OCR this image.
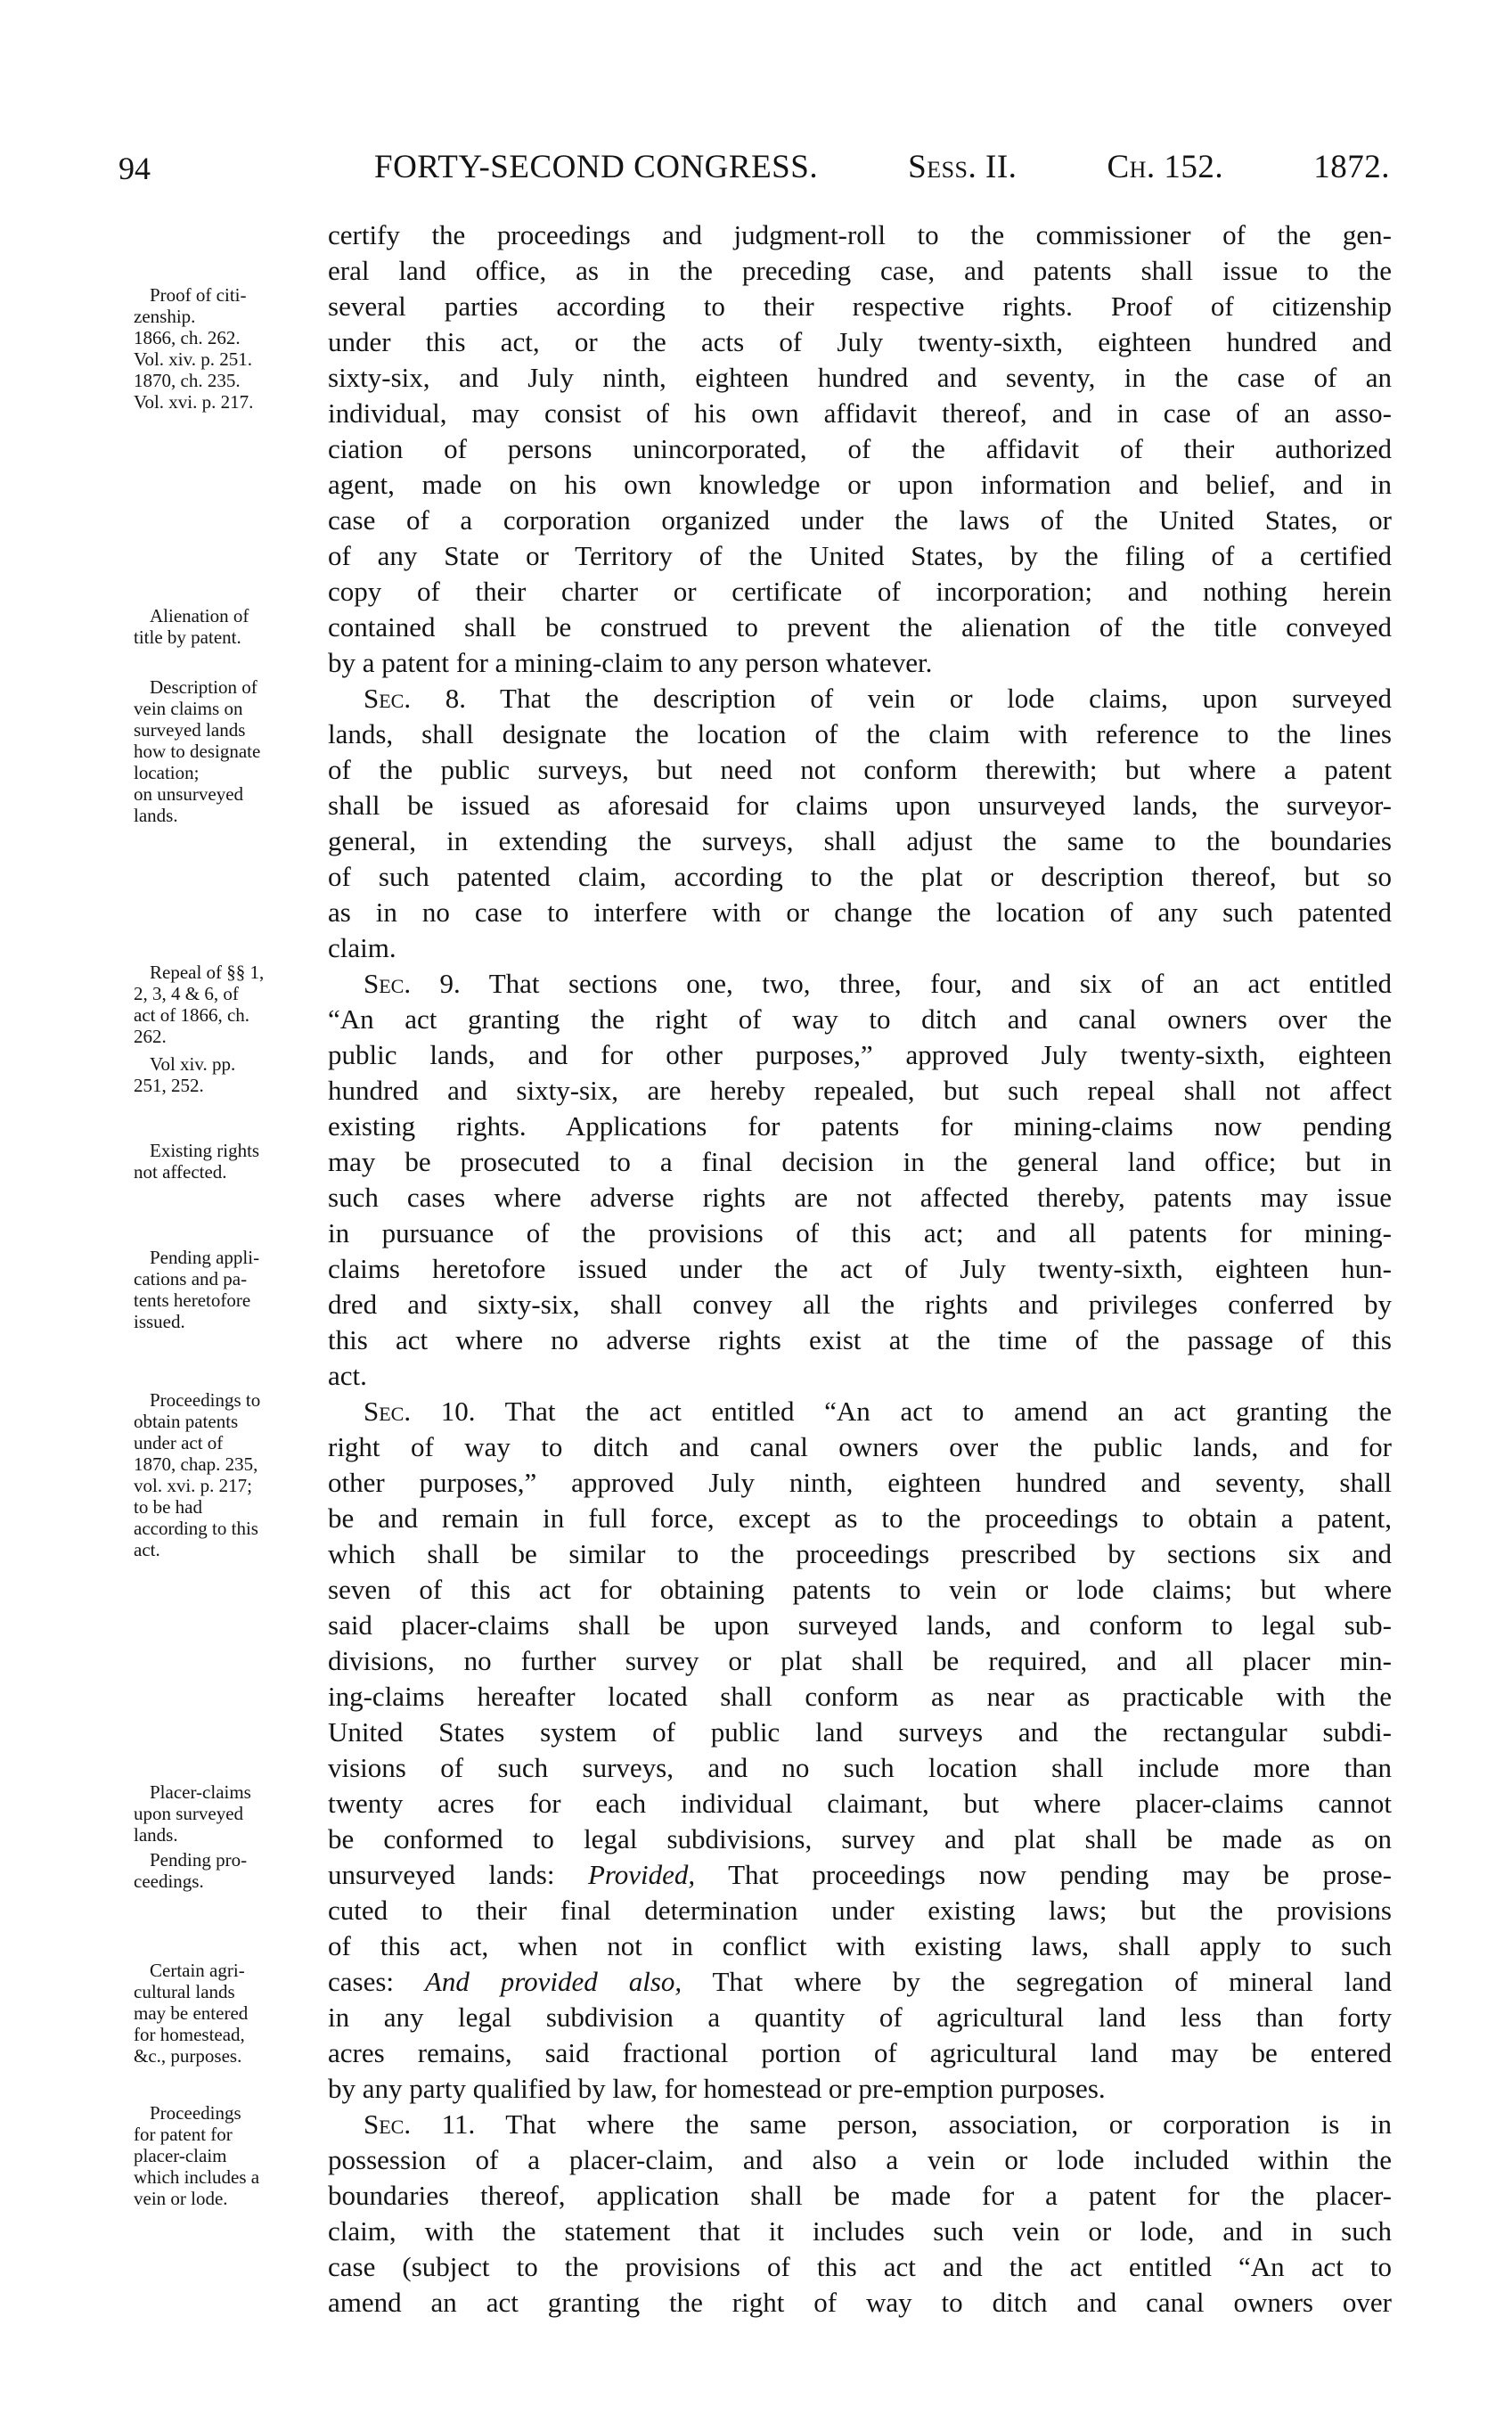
94	FORTY-SECOND CONGRESS.	Sess. II.	Ch. 152.	1872.
certify the proceedings and judgment-roll to the commissioner of the gen-
eral land office, as in the preceding case, and patents shall issue to the
several parties according to their respective rights. Proof of citizenship
under this act, or the acts of July twenty-sixth, eighteen hundred and
sixty-six, and July ninth, eighteen hundred and seventy, in the case of an
individual, may consist of his own affidavit thereof, and in case of an asso-
ciation of persons unincorporated, of the affidavit of their authorized
agent, made on his own knowledge or upon information and belief, and in
case of a corporation organized under the laws of the United States, or
of any State or Territory of the United States, by the filing of a certified
copy of their charter or certificate of incorporation; and nothing herein
contained shall be construed to prevent the alienation of the title conveyed
by a patent for a mining-claim to any person whatever.
Sec. 8. That the description of vein or lode claims, upon surveyed
lands, shall designate the location of the claim with reference to the lines
of the public surveys, but need not conform therewith; but where a patent
shall be issued as aforesaid for claims upon unsurveyed lands, the surveyor-
general, in extending the surveys, shall adjust the same to the boundaries
of such patented claim, according to the plat or description thereof, but so
as in no case to interfere with or change the location of any such patented
claim.
Sec. 9. That sections one, two, three, four, and six of an act entitled
“An act granting the right of way to ditch and canal owners over the
public lands, and for other purposes,” approved July twenty-sixth, eighteen
hundred and sixty-six, are hereby repealed, but such repeal shall not affect
existing rights. Applications for patents for mining-claims now pending
may be prosecuted to a final decision in the general land office; but in
such cases where adverse rights are not affected thereby, patents may issue
in pursuance of the provisions of this act; and all patents for mining-
claims heretofore issued under the act of July twenty-sixth, eighteen hun-
dred and sixty-six, shall convey all the rights and privileges conferred by
this act where no adverse rights exist at the time of the passage of this
act.
Sec. 10. That the act entitled “An act to amend an act granting the
right of way to ditch and canal owners over the public lands, and for
other purposes,” approved July ninth, eighteen hundred and seventy, shall
be and remain in full force, except as to the proceedings to obtain a patent,
which shall be similar to the proceedings prescribed by sections six and
seven of this act for obtaining patents to vein or lode claims; but where
said placer-claims shall be upon surveyed lands, and conform to legal sub-
divisions, no further survey or plat shall be required, and all placer min-
ing-claims hereafter located shall conform as near as practicable with the
United States system of public land surveys and the rectangular subdi-
visions of such surveys, and no such location shall include more than
twenty acres for each individual claimant, but where placer-claims cannot
be conformed to legal subdivisions, survey and plat shall be made as on
unsurveyed lands: Provided, That proceedings now pending may be prose-
cuted to their final determination under existing laws; but the provisions
of this act, when not in conflict with existing laws, shall apply to such
cases: And provided also, That where by the segregation of mineral land
in any legal subdivision a quantity of agricultural land less than forty
acres remains, said fractional portion of agricultural land may be entered
by any party qualified by law, for homestead or pre-emption purposes.
Sec. 11. That where the same person, association, or corporation is in
possession of a placer-claim, and also a vein or lode included within the
boundaries thereof, application shall be made for a patent for the placer-
claim, with the statement that it includes such vein or lode, and in such
case (subject to the provisions of this act and the act entitled “An act to
amend an act granting the right of way to ditch and canal owners over
Proof of citi-
zenship.
1866, ch. 262.
Vol. xiv. p. 251.
1870, ch. 235.
Vol. xvi. p. 217.
Alienation of
title by patent.
Description of
vein claims on
surveyed lands
how to designate
location;
on unsurveyed
lands.
Repeal of §§ 1,
2, 3, 4 & 6, of
act of 1866, ch.
262.
Vol xiv. pp.
251, 252.
Existing rights
not affected.
Pending appli-
cations and pa-
tents heretofore
issued.
Proceedings to
obtain patents
under act of
1870, chap. 235,
vol. xvi. p. 217;
to be had
according to this
act.
Placer-claims
upon surveyed
lands.
Pending pro-
ceedings.
Certain agri-
cultural lands
may be entered
for homestead,
&c., purposes.
Proceedings
for patent for
placer-claim
which includes a
vein or lode.
